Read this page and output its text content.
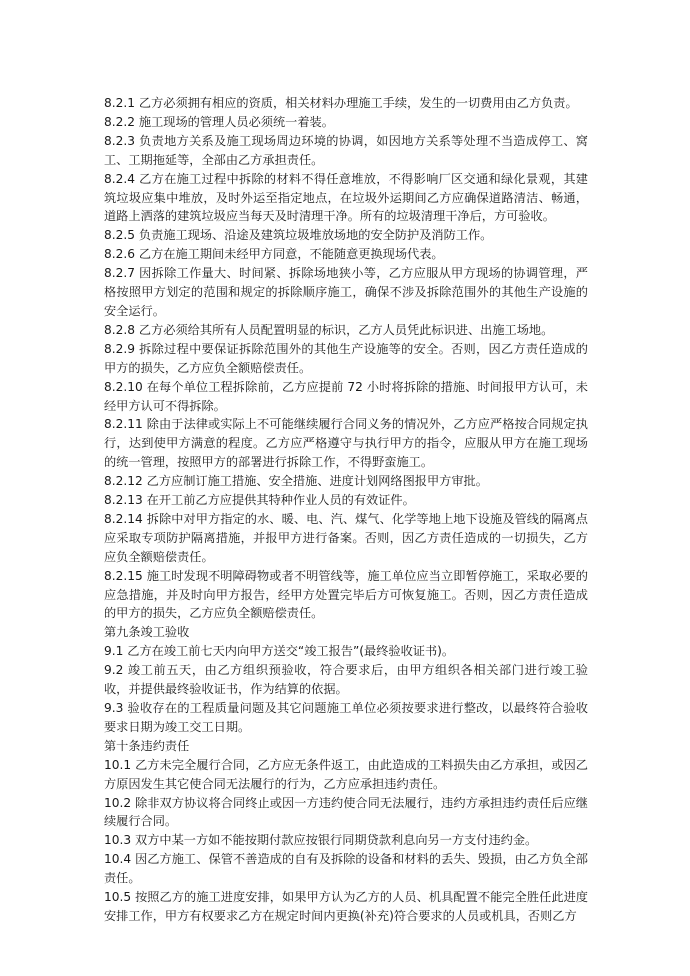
8.2.1 乙方必须拥有相应的资质，相关材料办理施工手续，发生的一切费用由乙方负责。

8.2.2 施工现场的管理人员必须统一着装。

8.2.3 负责地方关系及施工现场周边环境的协调，如因地方关系等处理不当造成停工、窝工、工期拖延等，全部由乙方承担责任。

8.2.4 乙方在施工过程中拆除的材料不得任意堆放，不得影响厂区交通和绿化景观，其建筑垃圾应集中堆放，及时外运至指定地点，在垃圾外运期间乙方应确保道路清洁、畅通，道路上洒落的建筑垃圾应当每天及时清理干净。所有的垃圾清理干净后，方可验收。

8.2.5 负责施工现场、沿途及建筑垃圾堆放场地的安全防护及消防工作。

8.2.6 乙方在施工期间未经甲方同意，不能随意更换现场代表。

8.2.7 因拆除工作量大、时间紧、拆除场地狭小等，乙方应服从甲方现场的协调管理，严格按照甲方划定的范围和规定的拆除顺序施工，确保不涉及拆除范围外的其他生产设施的安全运行。

8.2.8 乙方必须给其所有人员配置明显的标识，乙方人员凭此标识进、出施工场地。

8.2.9 拆除过程中要保证拆除范围外的其他生产设施等的安全。否则，因乙方责任造成的甲方的损失，乙方应负全额赔偿责任。

8.2.10 在每个单位工程拆除前，乙方应提前 72 小时将拆除的措施、时间报甲方认可，未经甲方认可不得拆除。

8.2.11 除由于法律或实际上不可能继续履行合同义务的情况外，乙方应严格按合同规定执行，达到使甲方满意的程度。乙方应严格遵守与执行甲方的指令，应服从甲方在施工现场的统一管理，按照甲方的部署进行拆除工作，不得野蛮施工。

8.2.12 乙方应制订施工措施、安全措施、进度计划网络图报甲方审批。

8.2.13 在开工前乙方应提供其特种作业人员的有效证件。

8.2.14 拆除中对甲方指定的水、暖、电、汽、煤气、化学等地上地下设施及管线的隔离点应采取专项防护隔离措施，并报甲方进行备案。否则，因乙方责任造成的一切损失，乙方应负全额赔偿责任。

8.2.15 施工时发现不明障碍物或者不明管线等，施工单位应当立即暂停施工，采取必要的应急措施，并及时向甲方报告，经甲方处置完毕后方可恢复施工。否则，因乙方责任造成的甲方的损失，乙方应负全额赔偿责任。

第九条竣工验收

9.1 乙方在竣工前七天内向甲方送交“竣工报告”(最终验收证书)。

9.2 竣工前五天，由乙方组织预验收，符合要求后，由甲方组织各相关部门进行竣工验收，并提供最终验收证书，作为结算的依据。

9.3 验收存在的工程质量问题及其它问题施工单位必须按要求进行整改，以最终符合验收要求日期为竣工交工日期。

第十条违约责任

10.1 乙方未完全履行合同，乙方应无条件返工，由此造成的工料损失由乙方承担，或因乙方原因发生其它使合同无法履行的行为，乙方应承担违约责任。

10.2 除非双方协议将合同终止或因一方违约使合同无法履行，违约方承担违约责任后应继续履行合同。

10.3 双方中某一方如不能按期付款应按银行同期贷款利息向另一方支付违约金。

10.4 因乙方施工、保管不善造成的自有及拆除的设备和材料的丢失、毁损，由乙方负全部责任。

10.5 按照乙方的施工进度安排，如果甲方认为乙方的人员、机具配置不能完全胜任此进度安排工作，甲方有权要求乙方在规定时间内更换(补充)符合要求的人员或机具，否则乙方
